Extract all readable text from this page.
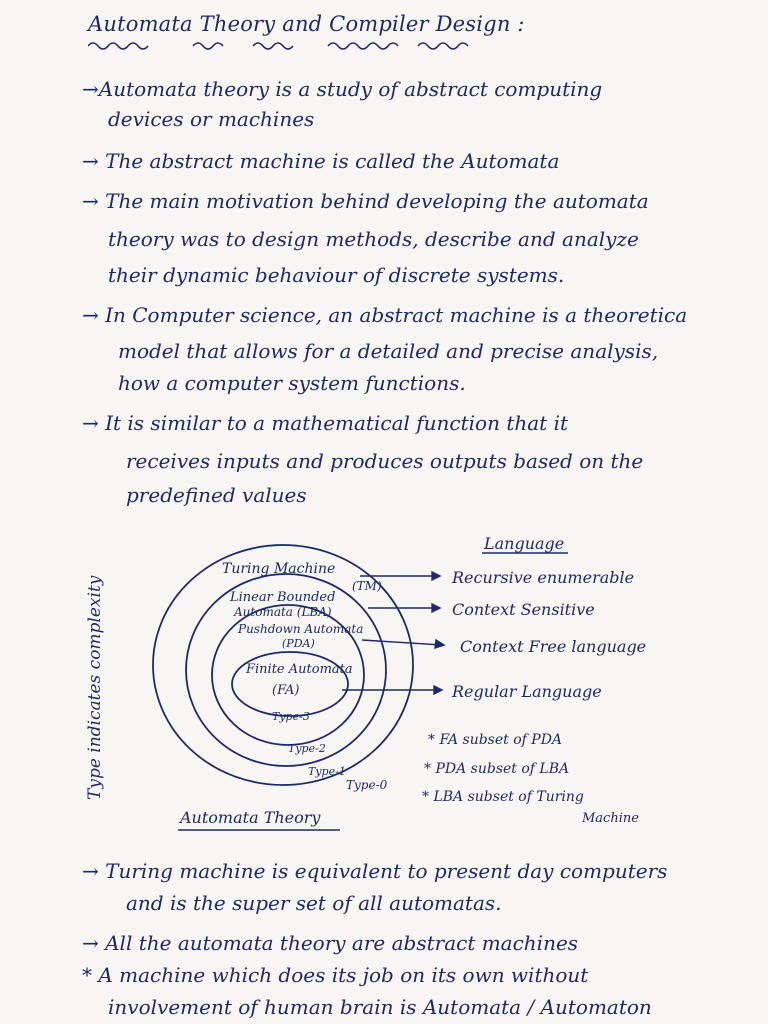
Automata Theory and Compiler Design :
→Automata theory is a study of abstract computing
devices or machines
→ The abstract machine is called the Automata
→ The main motivation behind developing the automata
theory was to design methods, describe and analyze
their dynamic behaviour of discrete systems.
→ In Computer science, an abstract machine is a theoretica
model that allows for a detailed and precise analysis,
how a computer system functions.
→ It is similar to a mathematical function that it
receives inputs and produces outputs based on the
predefined values
Type indicates complexity
Language
Turing Machine
(TM)
Linear Bounded
Automata (LBA)
Pushdown Automata
(PDA)
Finite Automata
(FA)
Type-3
Type-2
Type-1
Type-0
Recursive enumerable
Context Sensitive
Context Free language
Regular Language
* FA subset of PDA
* PDA subset of LBA
* LBA subset of Turing
Machine
Automata Theory
→ Turing machine is equivalent to present day computers
and is the super set of all automatas.
→ All the automata theory are abstract machines
* A machine which does its job on its own without
involvement of human brain is Automata / Automaton
